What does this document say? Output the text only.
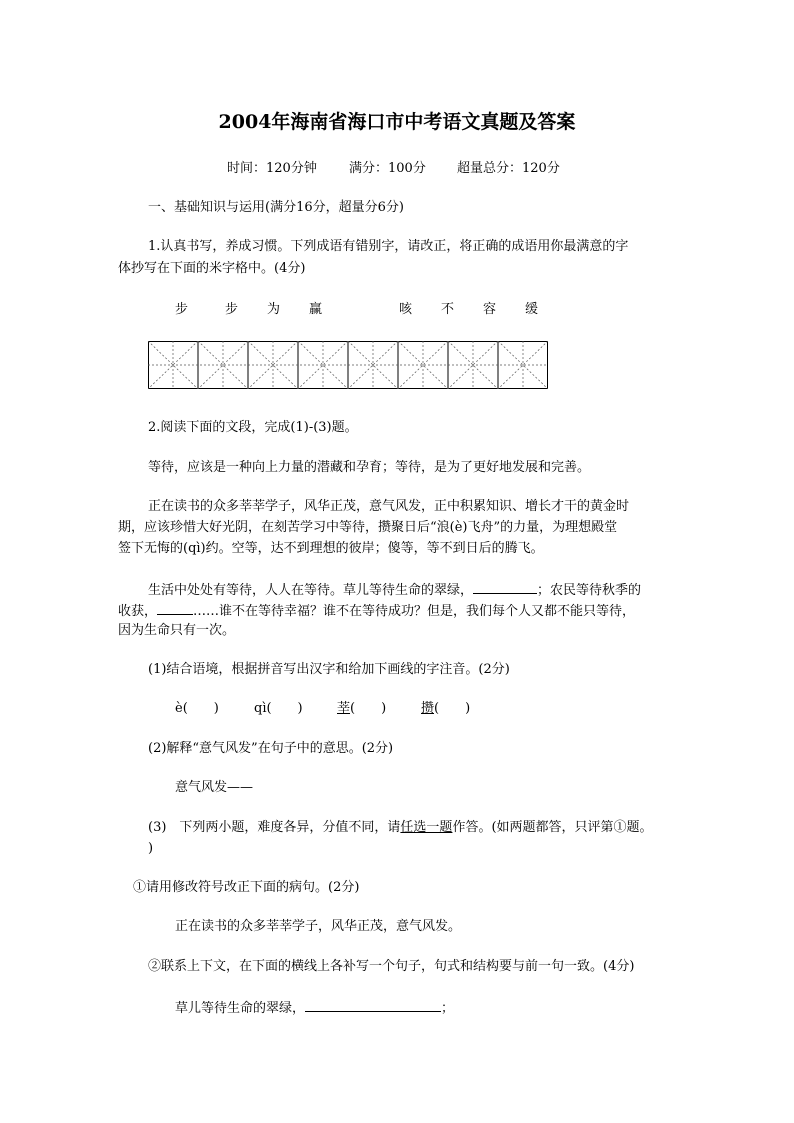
2004年海南省海口市中考语文真题及答案
时间：120分钟 满分：100分 超量总分：120分
一、基础知识与运用(满分16分，超量分6分)
1.认真书写，养成习惯。下列成语有错别字，请改正，将正确的成语用你最满意的字
体抄写在下面的米字格中。(4分)
步	步 为 赢	咳 不 容 缓
2.阅读下面的文段，完成(1)-(3)题。
等待，应该是一种向上力量的潜藏和孕育；等待，是为了更好地发展和完善。
正在读书的众多莘莘学子，风华正茂，意气风发，正中积累知识、增长才干的黄金时
期，应该珍惜大好光阴，在刻苦学习中等待，攒聚日后“浪(è)飞舟”的力量，为理想殿堂
签下无悔的(qì)约。空等，达不到理想的彼岸；傻等，等不到日后的腾飞。
生活中处处有等待，人人在等待。草儿等待生命的翠绿，	；农民等待秋季的
收获，	……谁不在等待幸福？谁不在等待成功？但是，我们每个人又都不能只等待，
因为生命只有一次。
(1)结合语境，根据拼音写出汉字和给加下画线的字注音。(2分)
è(　　)	qì(　　)	莘(　　)	攒(　　)
(2)解释“意气风发”在句子中的意思。(2分)
意气风发——
(3)　下列两小题，难度各异，分值不同，请任选一题作答。(如两题都答，只评第①题。
)
①请用修改符号改正下面的病句。(2分)
正在读书的众多莘莘学子，风华正茂，意气风发。
②联系上下文，在下面的横线上各补写一个句子，句式和结构要与前一句一致。(4分)
草儿等待生命的翠绿，	；
